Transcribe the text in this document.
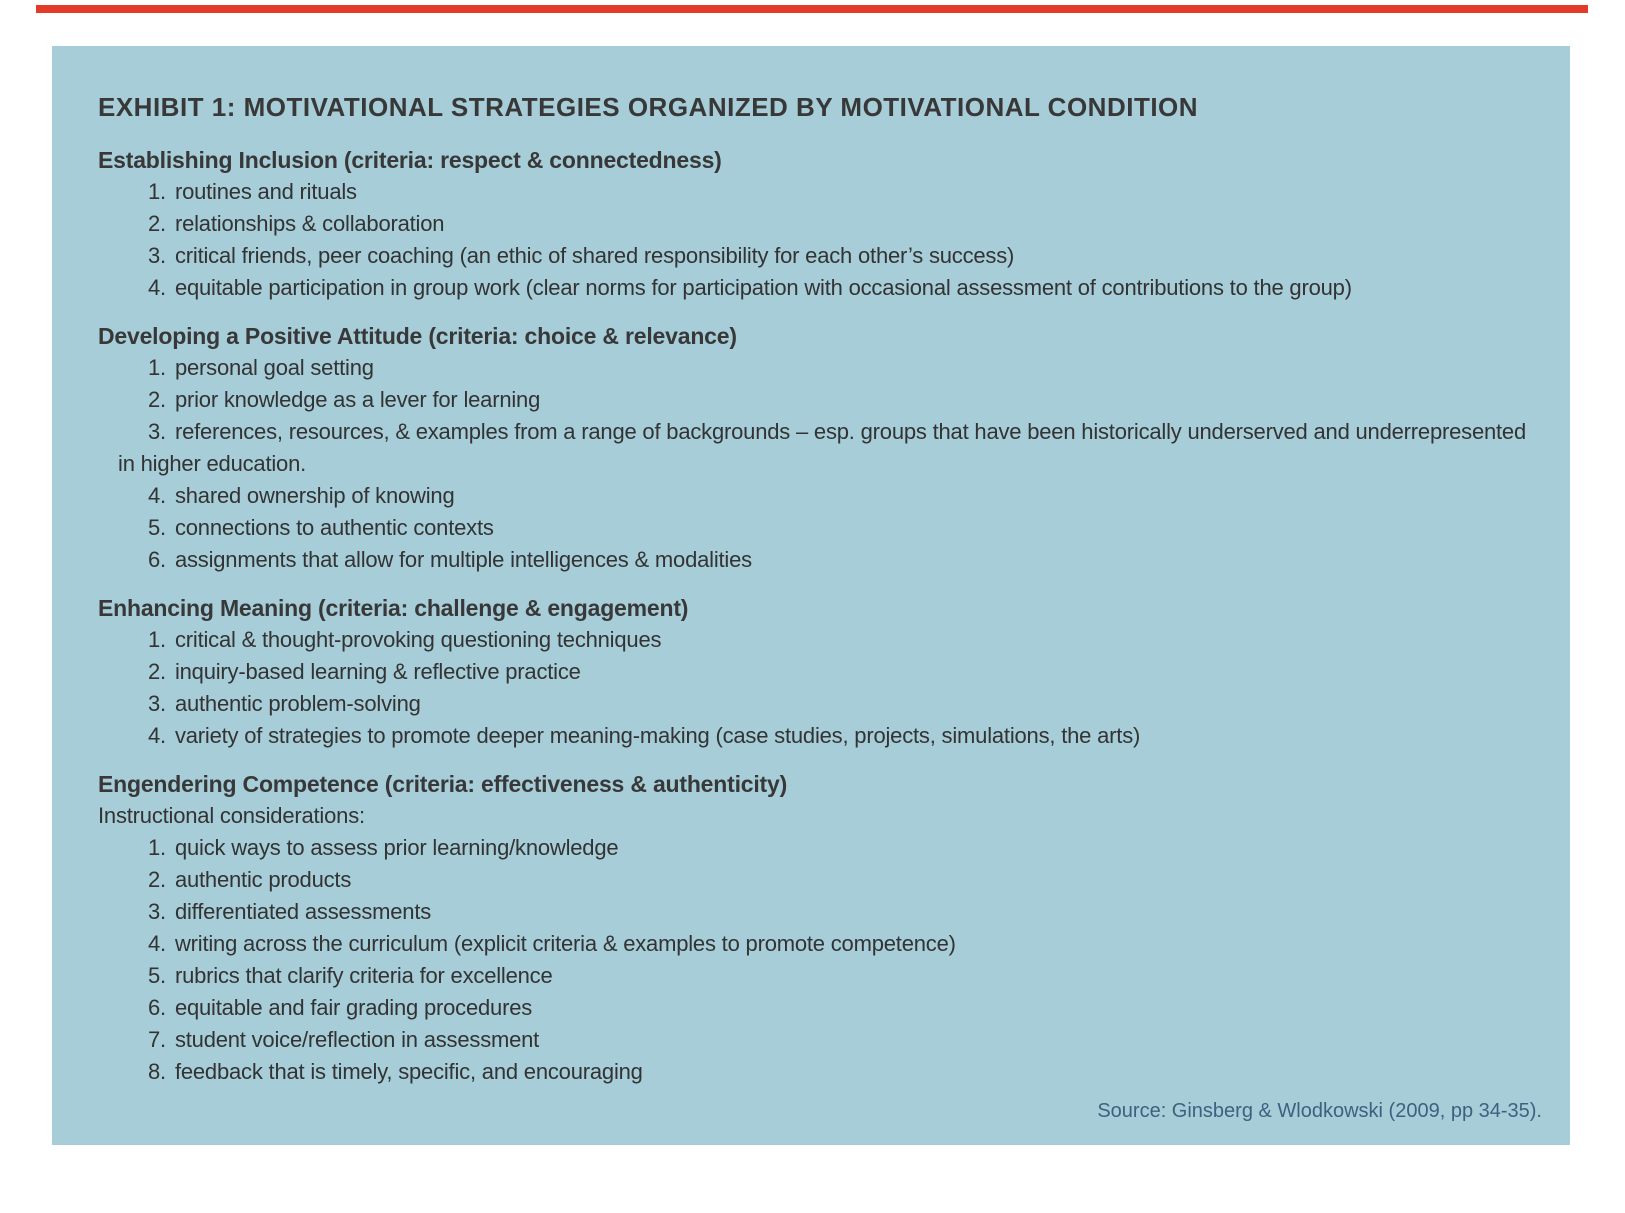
EXHIBIT 1: MOTIVATIONAL STRATEGIES ORGANIZED BY MOTIVATIONAL CONDITION
Establishing Inclusion (criteria: respect & connectedness)
1. routines and rituals
2. relationships & collaboration
3. critical friends, peer coaching (an ethic of shared responsibility for each other’s success)
4. equitable participation in group work (clear norms for participation with occasional assessment of contributions to the group)
Developing a Positive Attitude (criteria: choice & relevance)
1. personal goal setting
2. prior knowledge as a lever for learning
3. references, resources, & examples from a range of backgrounds – esp. groups that have been historically underserved and underrepresented in higher education.
4. shared ownership of knowing
5. connections to authentic contexts
6. assignments that allow for multiple intelligences & modalities
Enhancing Meaning (criteria: challenge & engagement)
1. critical & thought-provoking questioning techniques
2. inquiry-based learning & reflective practice
3. authentic problem-solving
4. variety of strategies to promote deeper meaning-making (case studies, projects, simulations, the arts)
Engendering Competence (criteria: effectiveness & authenticity)

Instructional considerations:

1. quick ways to assess prior learning/knowledge
2. authentic products
3. differentiated assessments
4. writing across the curriculum (explicit criteria & examples to promote competence)
5. rubrics that clarify criteria for excellence
6. equitable and fair grading procedures
7. student voice/reflection in assessment
8. feedback that is timely, specific, and encouraging
Source: Ginsberg & Wlodkowski (2009, pp 34-35).
